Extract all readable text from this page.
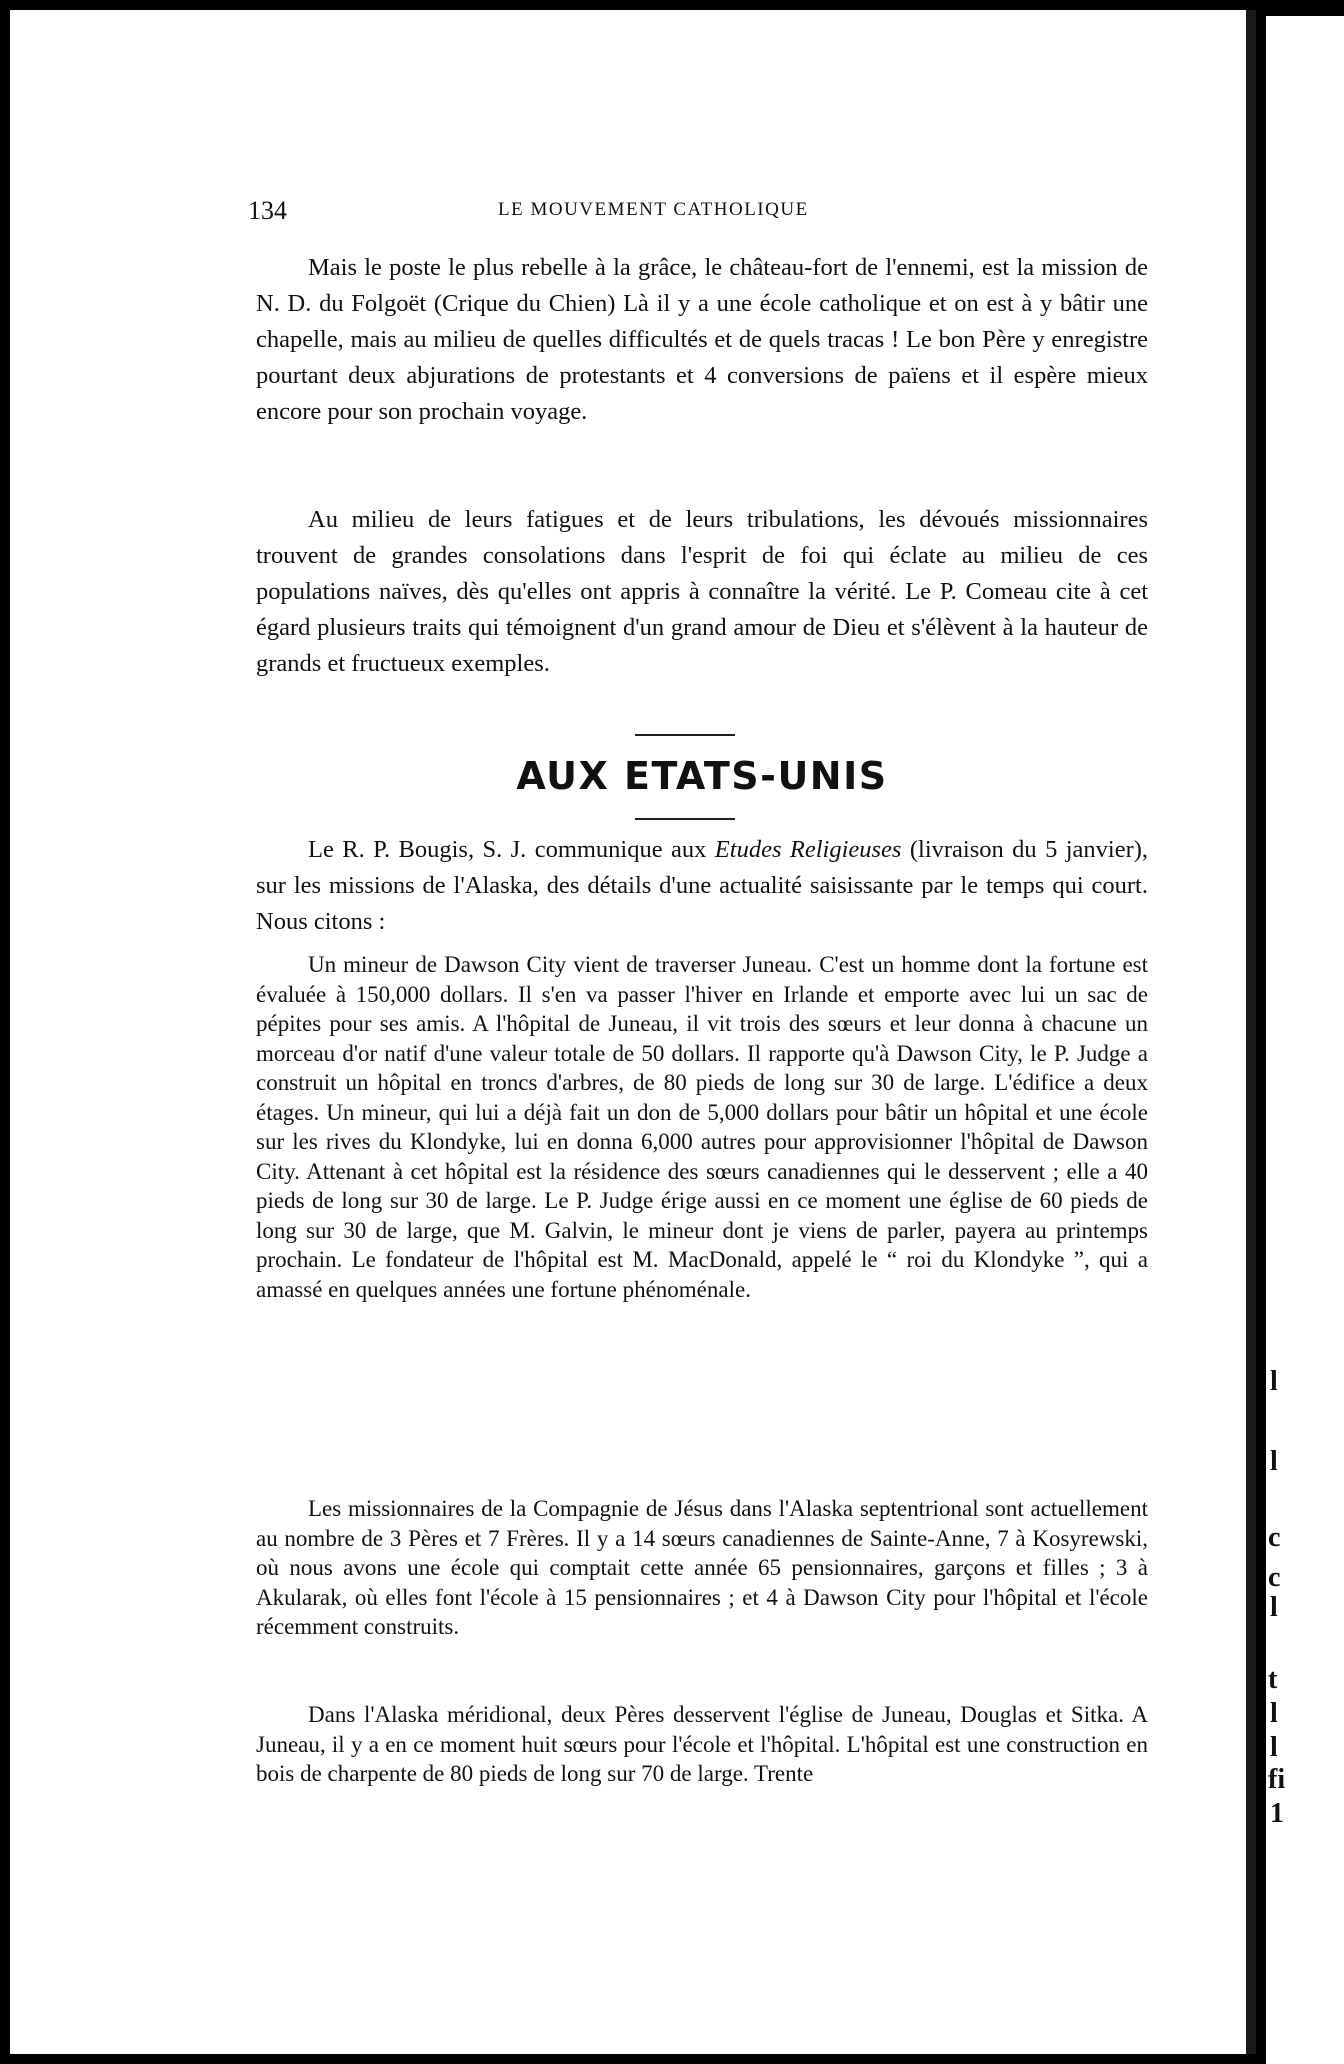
134	LE MOUVEMENT CATHOLIQUE

Mais le poste le plus rebelle à la grâce, le château-fort de l'ennemi, est la mission de N. D. du Folgoët (Crique du Chien) Là il y a une école catholique et on est à y bâtir une chapelle, mais au milieu de quelles difficultés et de quels tracas ! Le bon Père y enregistre pourtant deux abjurations de protestants et 4 conversions de païens et il espère mieux encore pour son prochain voyage.

Au milieu de leurs fatigues et de leurs tribulations, les dévoués missionnaires trouvent de grandes consolations dans l'esprit de foi qui éclate au milieu de ces populations naïves, dès qu'elles ont appris à connaître la vérité. Le P. Comeau cite à cet égard plusieurs traits qui témoignent d'un grand amour de Dieu et s'élèvent à la hauteur de grands et fructueux exemples.

AUX ETATS-UNIS

Le R. P. Bougis, S. J. communique aux Etudes Religieuses (livraison du 5 janvier), sur les missions de l'Alaska, des détails d'une actualité saisissante par le temps qui court. Nous citons :

Un mineur de Dawson City vient de traverser Juneau. C'est un homme dont la fortune est évaluée à 150,000 dollars. Il s'en va passer l'hiver en Irlande et emporte avec lui un sac de pépites pour ses amis. A l'hôpital de Juneau, il vit trois des sœurs et leur donna à chacune un morceau d'or natif d'une valeur totale de 50 dollars. Il rapporte qu'à Dawson City, le P. Judge a construit un hôpital en troncs d'arbres, de 80 pieds de long sur 30 de large. L'édifice a deux étages. Un mineur, qui lui a déjà fait un don de 5,000 dollars pour bâtir un hôpital et une école sur les rives du Klondyke, lui en donna 6,000 autres pour approvisionner l'hôpital de Dawson City. Attenant à cet hôpital est la résidence des sœurs canadiennes qui le desservent ; elle a 40 pieds de long sur 30 de large. Le P. Judge érige aussi en ce moment une église de 60 pieds de long sur 30 de large, que M. Galvin, le mineur dont je viens de parler, payera au printemps prochain. Le fondateur de l'hôpital est M. MacDonald, appelé le “ roi du Klondyke ”, qui a amassé en quelques années une fortune phénoménale.

Les missionnaires de la Compagnie de Jésus dans l'Alaska septentrional sont actuellement au nombre de 3 Pères et 7 Frères. Il y a 14 sœurs canadiennes de Sainte-Anne, 7 à Kosyrewski, où nous avons une école qui comptait cette année 65 pensionnaires, garçons et filles ; 3 à Akularak, où elles font l'école à 15 pensionnaires ; et 4 à Dawson City pour l'hôpital et l'école récemment construits.

Dans l'Alaska méridional, deux Pères desservent l'église de Juneau, Douglas et Sitka. A Juneau, il y a en ce moment huit sœurs pour l'école et l'hôpital. L'hôpital est une construction en bois de charpente de 80 pieds de long sur 70 de large. Trente

l
l
c
c
l
t
l
l
fi
1
